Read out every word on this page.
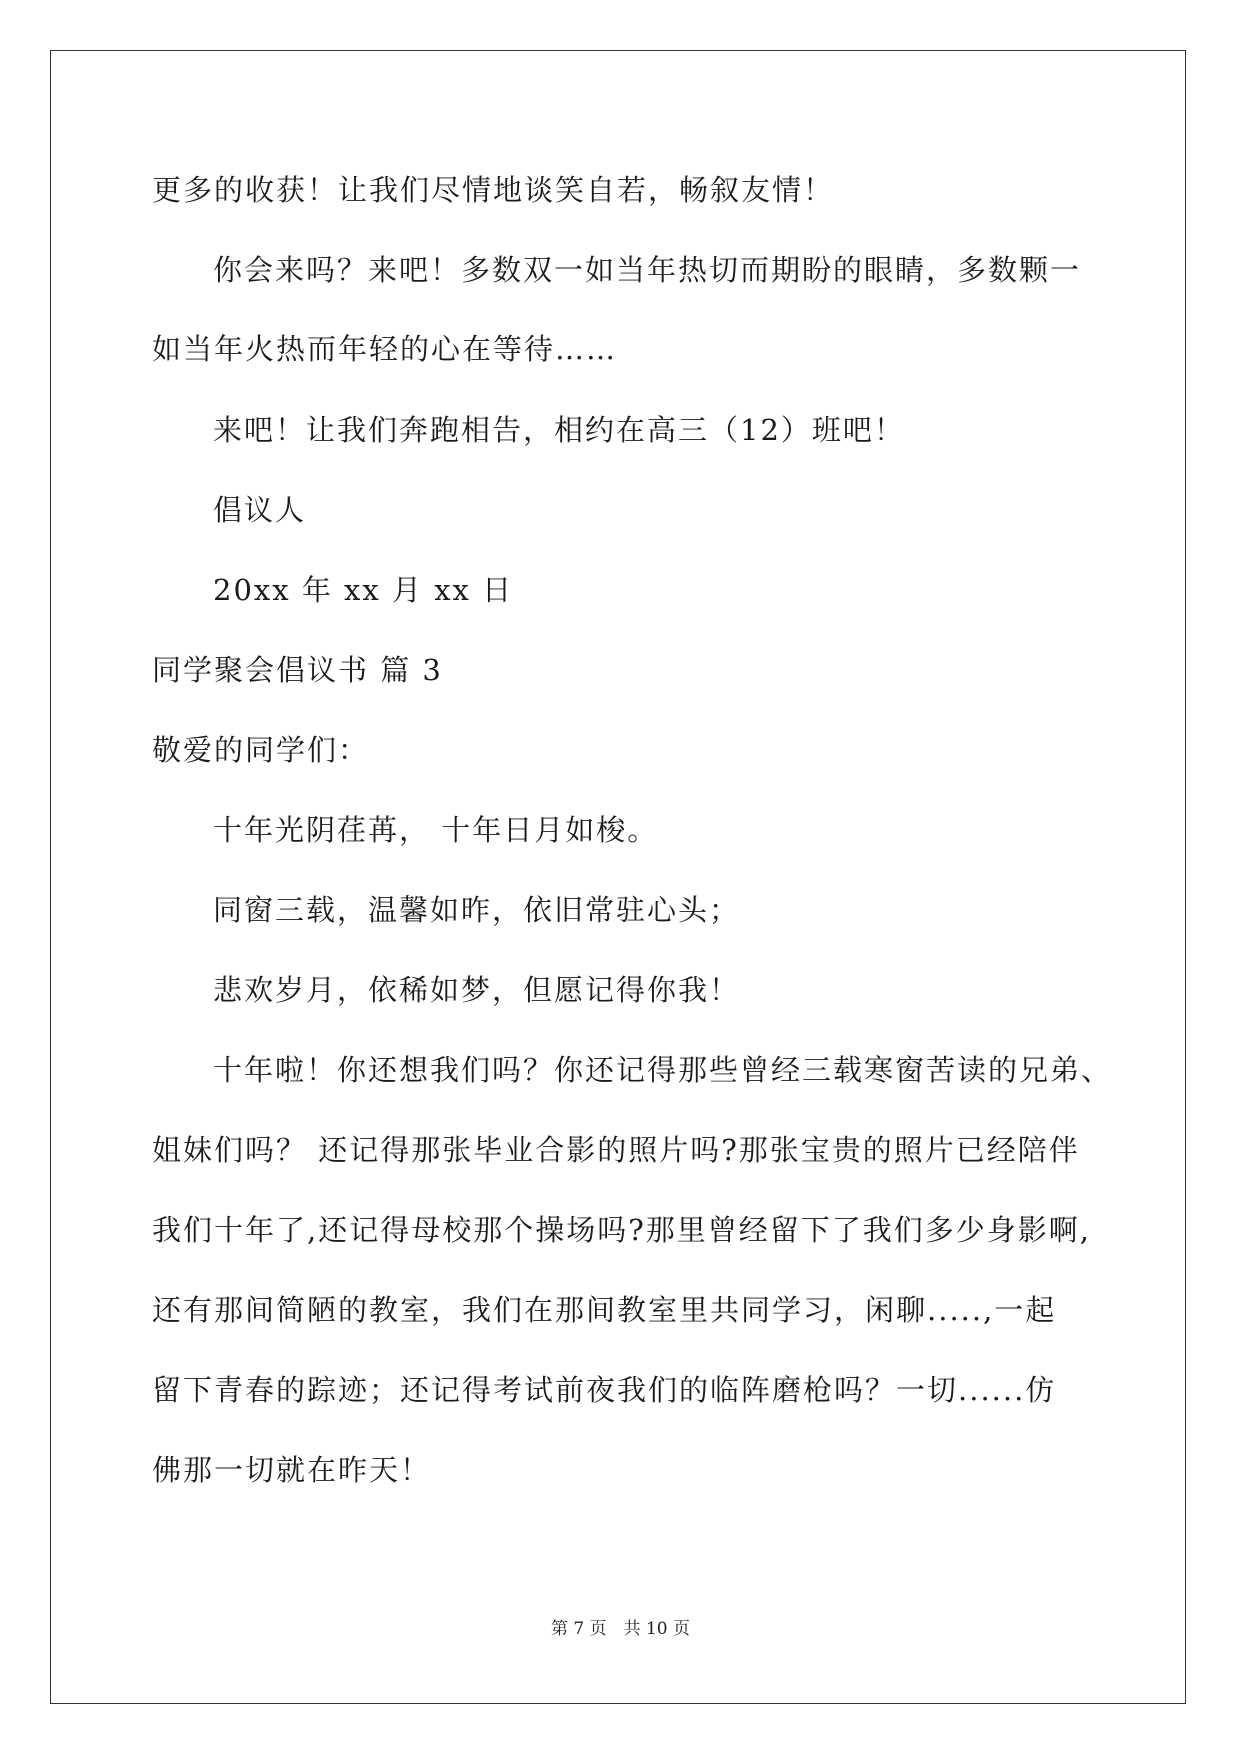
更多的收获！让我们尽情地谈笑自若，畅叙友情！
你会来吗？来吧！多数双一如当年热切而期盼的眼睛，多数颗一
如当年火热而年轻的心在等待……
来吧！让我们奔跑相告，相约在高三（12）班吧！
倡议人
20xx 年 xx 月 xx 日
同学聚会倡议书 篇 3
敬爱的同学们：
十年光阴荏苒， 十年日月如梭。
同窗三载，温馨如昨，依旧常驻心头；
悲欢岁月，依稀如梦，但愿记得你我！
十年啦！你还想我们吗？你还记得那些曾经三载寒窗苦读的兄弟、
姐妹们吗？ 还记得那张毕业合影的照片吗?那张宝贵的照片已经陪伴
我们十年了,还记得母校那个操场吗?那里曾经留下了我们多少身影啊,
还有那间简陋的教室，我们在那间教室里共同学习，闲聊.....,一起
留下青春的踪迹；还记得考试前夜我们的临阵磨枪吗？一切......仿
佛那一切就在昨天！
第 7 页　共 10 页
